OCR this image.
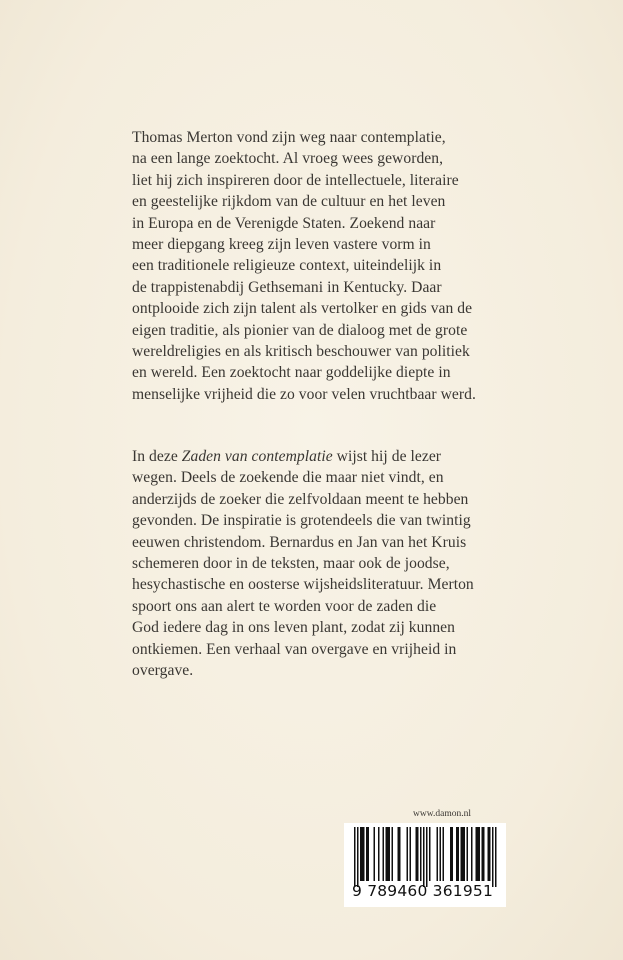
Thomas Merton vond zijn weg naar contemplatie,
na een lange zoektocht. Al vroeg wees geworden,
liet hij zich inspireren door de intellectuele, literaire
en geestelijke rijkdom van de cultuur en het leven
in Europa en de Verenigde Staten. Zoekend naar
meer diepgang kreeg zijn leven vastere vorm in
een traditionele religieuze context, uiteindelijk in
de trappistenabdij Gethsemani in Kentucky. Daar
ontplooide zich zijn talent als vertolker en gids van de
eigen traditie, als pionier van de dialoog met de grote
wereldreligies en als kritisch beschouwer van politiek
en wereld. Een zoektocht naar goddelijke diepte in
menselijke vrijheid die zo voor velen vruchtbaar werd.

In deze Zaden van contemplatie wijst hij de lezer
wegen. Deels de zoekende die maar niet vindt, en
anderzijds de zoeker die zelfvoldaan meent te hebben
gevonden. De inspiratie is grotendeels die van twintig
eeuwen christendom. Bernardus en Jan van het Kruis
schemeren door in de teksten, maar ook de joodse,
hesychastische en oosterse wijsheidsliteratuur. Merton
spoort ons aan alert te worden voor de zaden die
God iedere dag in ons leven plant, zodat zij kunnen
ontkiemen. Een verhaal van overgave en vrijheid in
overgave.

www.damon.nl
9 789460 361951
